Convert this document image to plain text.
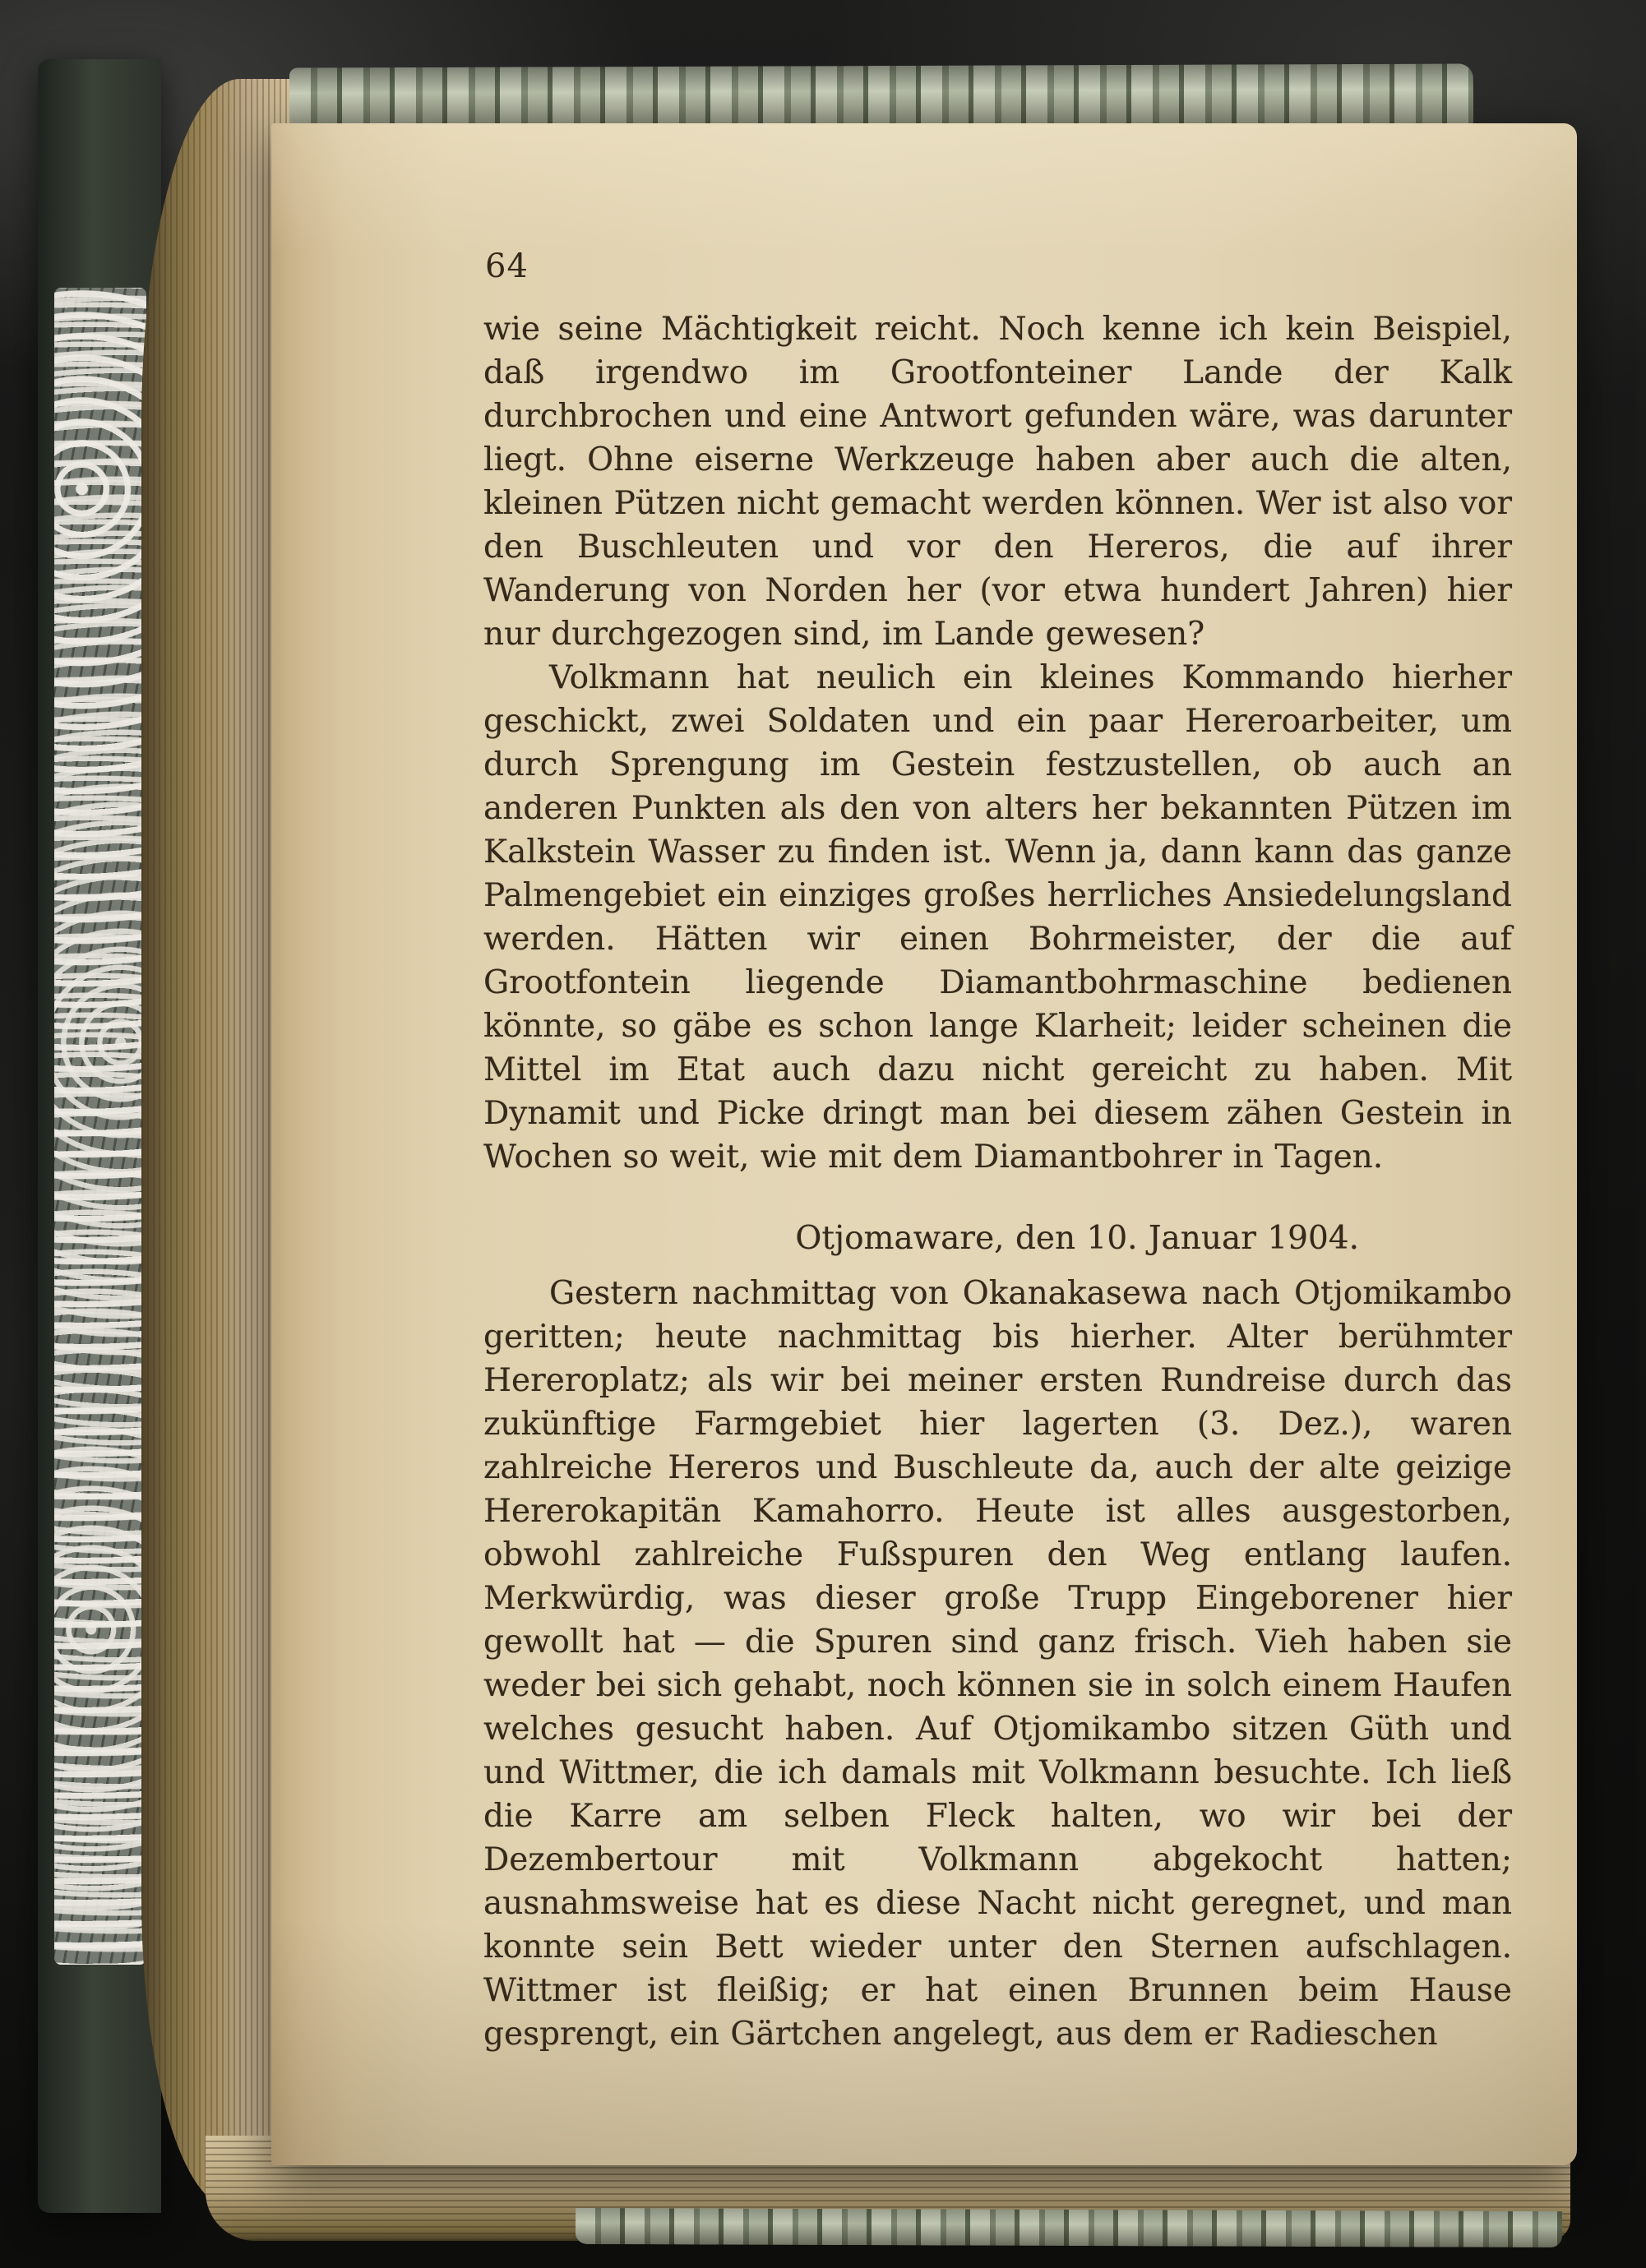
64

wie seine Mächtigkeit reicht. Noch kenne ich kein Beispiel, daß irgendwo im Grootfonteiner Lande der Kalk durchbrochen und eine Antwort gefunden wäre, was darunter liegt. Ohne eiserne Werkzeuge haben aber auch die alten, kleinen Pützen nicht gemacht werden können. Wer ist also vor den Buschleuten und vor den Hereros, die auf ihrer Wanderung von Norden her (vor etwa hundert Jahren) hier nur durchgezogen sind, im Lande gewesen?

Volkmann hat neulich ein kleines Kommando hierher geschickt, zwei Soldaten und ein paar Hereroarbeiter, um durch Sprengung im Gestein festzustellen, ob auch an anderen Punkten als den von alters her bekannten Pützen im Kalkstein Wasser zu finden ist. Wenn ja, dann kann das ganze Palmengebiet ein einziges großes herrliches Ansiedelungsland werden. Hätten wir einen Bohrmeister, der die auf Grootfontein liegende Diamantbohrmaschine bedienen könnte, so gäbe es schon lange Klarheit; leider scheinen die Mittel im Etat auch dazu nicht gereicht zu haben. Mit Dynamit und Picke dringt man bei diesem zähen Gestein in Wochen so weit, wie mit dem Diamantbohrer in Tagen.

Otjomaware, den 10. Januar 1904.

Gestern nachmittag von Okanakasewa nach Otjomikambo geritten; heute nachmittag bis hierher. Alter berühmter Hereroplatz; als wir bei meiner ersten Rundreise durch das zukünftige Farmgebiet hier lagerten (3. Dez.), waren zahlreiche Hereros und Buschleute da, auch der alte geizige Hererokapitän Kamahorro. Heute ist alles ausgestorben, obwohl zahlreiche Fußspuren den Weg entlang laufen. Merkwürdig, was dieser große Trupp Eingeborener hier gewollt hat — die Spuren sind ganz frisch. Vieh haben sie weder bei sich gehabt, noch können sie in solch einem Haufen welches gesucht haben. Auf Otjomikambo sitzen Güth und und Wittmer, die ich damals mit Volkmann besuchte. Ich ließ die Karre am selben Fleck halten, wo wir bei der Dezembertour mit Volkmann abgekocht hatten; ausnahmsweise hat es diese Nacht nicht geregnet, und man konnte sein Bett wieder unter den Sternen aufschlagen. Wittmer ist fleißig; er hat einen Brunnen beim Hause gesprengt, ein Gärtchen angelegt, aus dem er Radieschen
